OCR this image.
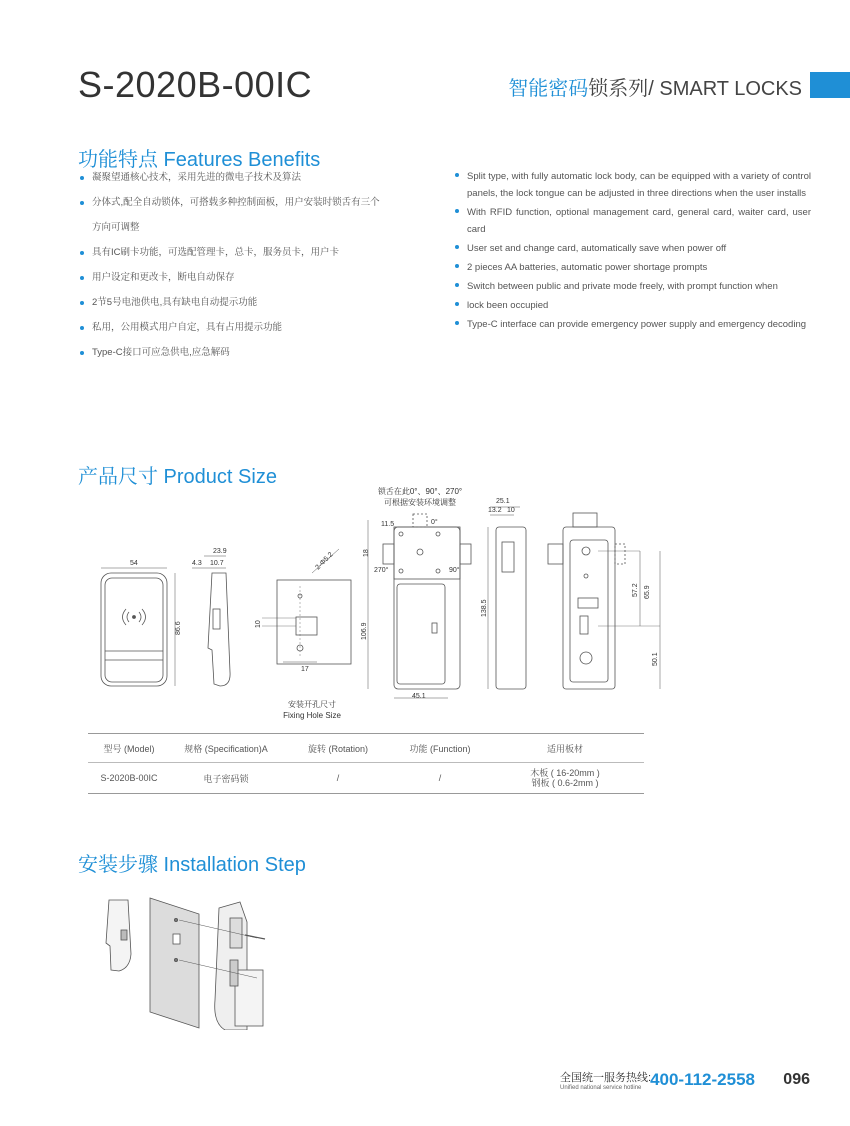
S-2020B-00IC	智能密码锁系列/ SMART LOCKS
功能特点 Features Benefits
凝聚望通核心技术，采用先进的微电子技术及算法
分体式,配全自动锁体，可搭载多种控制面板，用户安装时锁舌有三个
方向可调整
具有IC刷卡功能，可选配管理卡，总卡，服务员卡，用户卡
用户设定和更改卡，断电自动保存
2节5号电池供电,具有缺电自动提示功能
私用，公用模式用户自定，具有占用提示功能
Type-C接口可应急供电,应急解码
Split type, with fully automatic lock body, can be equipped with a variety of control panels, the lock tongue can be adjusted in three directions when the user installs
With RFID function, optional management card, general card, waiter card, user card
User set and change card, automatically save when power off
2 pieces AA batteries, automatic power shortage prompts
Switch between public and private mode freely, with prompt function when
lock been occupied
Type-C interface can provide emergency power supply and emergency decoding
产品尺寸 Product Size
锁舌在此0°、90°、270°
可根据安装环境调整
54
86.6
23.9
4.3 10.7	2-Φ5.2
10
17
11.5	0°
18
270°	90°
106.9
45.1
138.5
25.1
13.2 10
57.2 65.9
50.1
安装开孔尺寸
Fixing Hole Size
型号 (Model)	规格 (Specification)A	旋转 (Rotation)	功能 (Function)	适用板材
S-2020B-00IC	电子密码锁	/	/	木板 ( 16-20mm )
钢板 ( 0.6-2mm )
安装步骤 Installation Step
全国统一服务热线:
Unified national service hotline 400-112-2558 096
